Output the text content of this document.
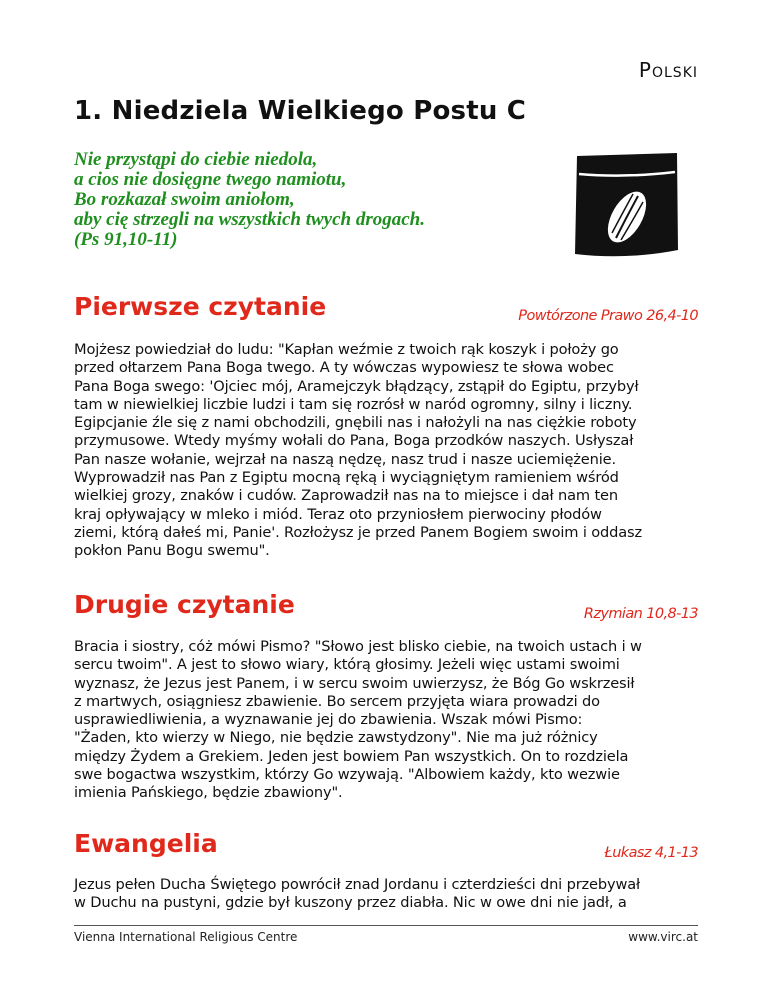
Polski
1. Niedziela Wielkiego Postu C
Nie przystąpi do ciebie niedola,
a cios nie dosięgne twego namiotu,
Bo rozkazał swoim aniołom,
aby cię strzegli na wszystkich twych drogach.
(Ps 91,10-11)
Pierwsze czytanie	Powtórzone Prawo 26,4-10
Mojżesz powiedział do ludu: "Kapłan weźmie z twoich rąk koszyk i położy go
przed ołtarzem Pana Boga twego. A ty wówczas wypowiesz te słowa wobec
Pana Boga swego: 'Ojciec mój, Aramejczyk błądzący, zstąpił do Egiptu, przybył
tam w niewielkiej liczbie ludzi i tam się rozrósł w naród ogromny, silny i liczny.
Egipcjanie źle się z nami obchodzili, gnębili nas i nałożyli na nas ciężkie roboty
przymusowe. Wtedy myśmy wołali do Pana, Boga przodków naszych. Usłyszał
Pan nasze wołanie, wejrzał na naszą nędzę, nasz trud i nasze uciemiężenie.
Wyprowadził nas Pan z Egiptu mocną ręką i wyciągniętym ramieniem wśród
wielkiej grozy, znaków i cudów. Zaprowadził nas na to miejsce i dał nam ten
kraj opływający w mleko i miód. Teraz oto przyniosłem pierwociny płodów
ziemi, którą dałeś mi, Panie'. Rozłożysz je przed Panem Bogiem swoim i oddasz
pokłon Panu Bogu swemu".
Drugie czytanie	Rzymian 10,8-13
Bracia i siostry, cóż mówi Pismo? "Słowo jest blisko ciebie, na twoich ustach i w
sercu twoim". A jest to słowo wiary, którą głosimy. Jeżeli więc ustami swoimi
wyznasz, że Jezus jest Panem, i w sercu swoim uwierzysz, że Bóg Go wskrzesił
z martwych, osiągniesz zbawienie. Bo sercem przyjęta wiara prowadzi do
usprawiedliwienia, a wyznawanie jej do zbawienia. Wszak mówi Pismo:
"Żaden, kto wierzy w Niego, nie będzie zawstydzony". Nie ma już różnicy
między Żydem a Grekiem. Jeden jest bowiem Pan wszystkich. On to rozdziela
swe bogactwa wszystkim, którzy Go wzywają. "Albowiem każdy, kto wezwie
imienia Pańskiego, będzie zbawiony".
Ewangelia	Łukasz 4,1-13
Jezus pełen Ducha Świętego powrócił znad Jordanu i czterdzieści dni przebywał
w Duchu na pustyni, gdzie był kuszony przez diabła. Nic w owe dni nie jadł, a
Vienna International Religious Centre	www.virc.at
